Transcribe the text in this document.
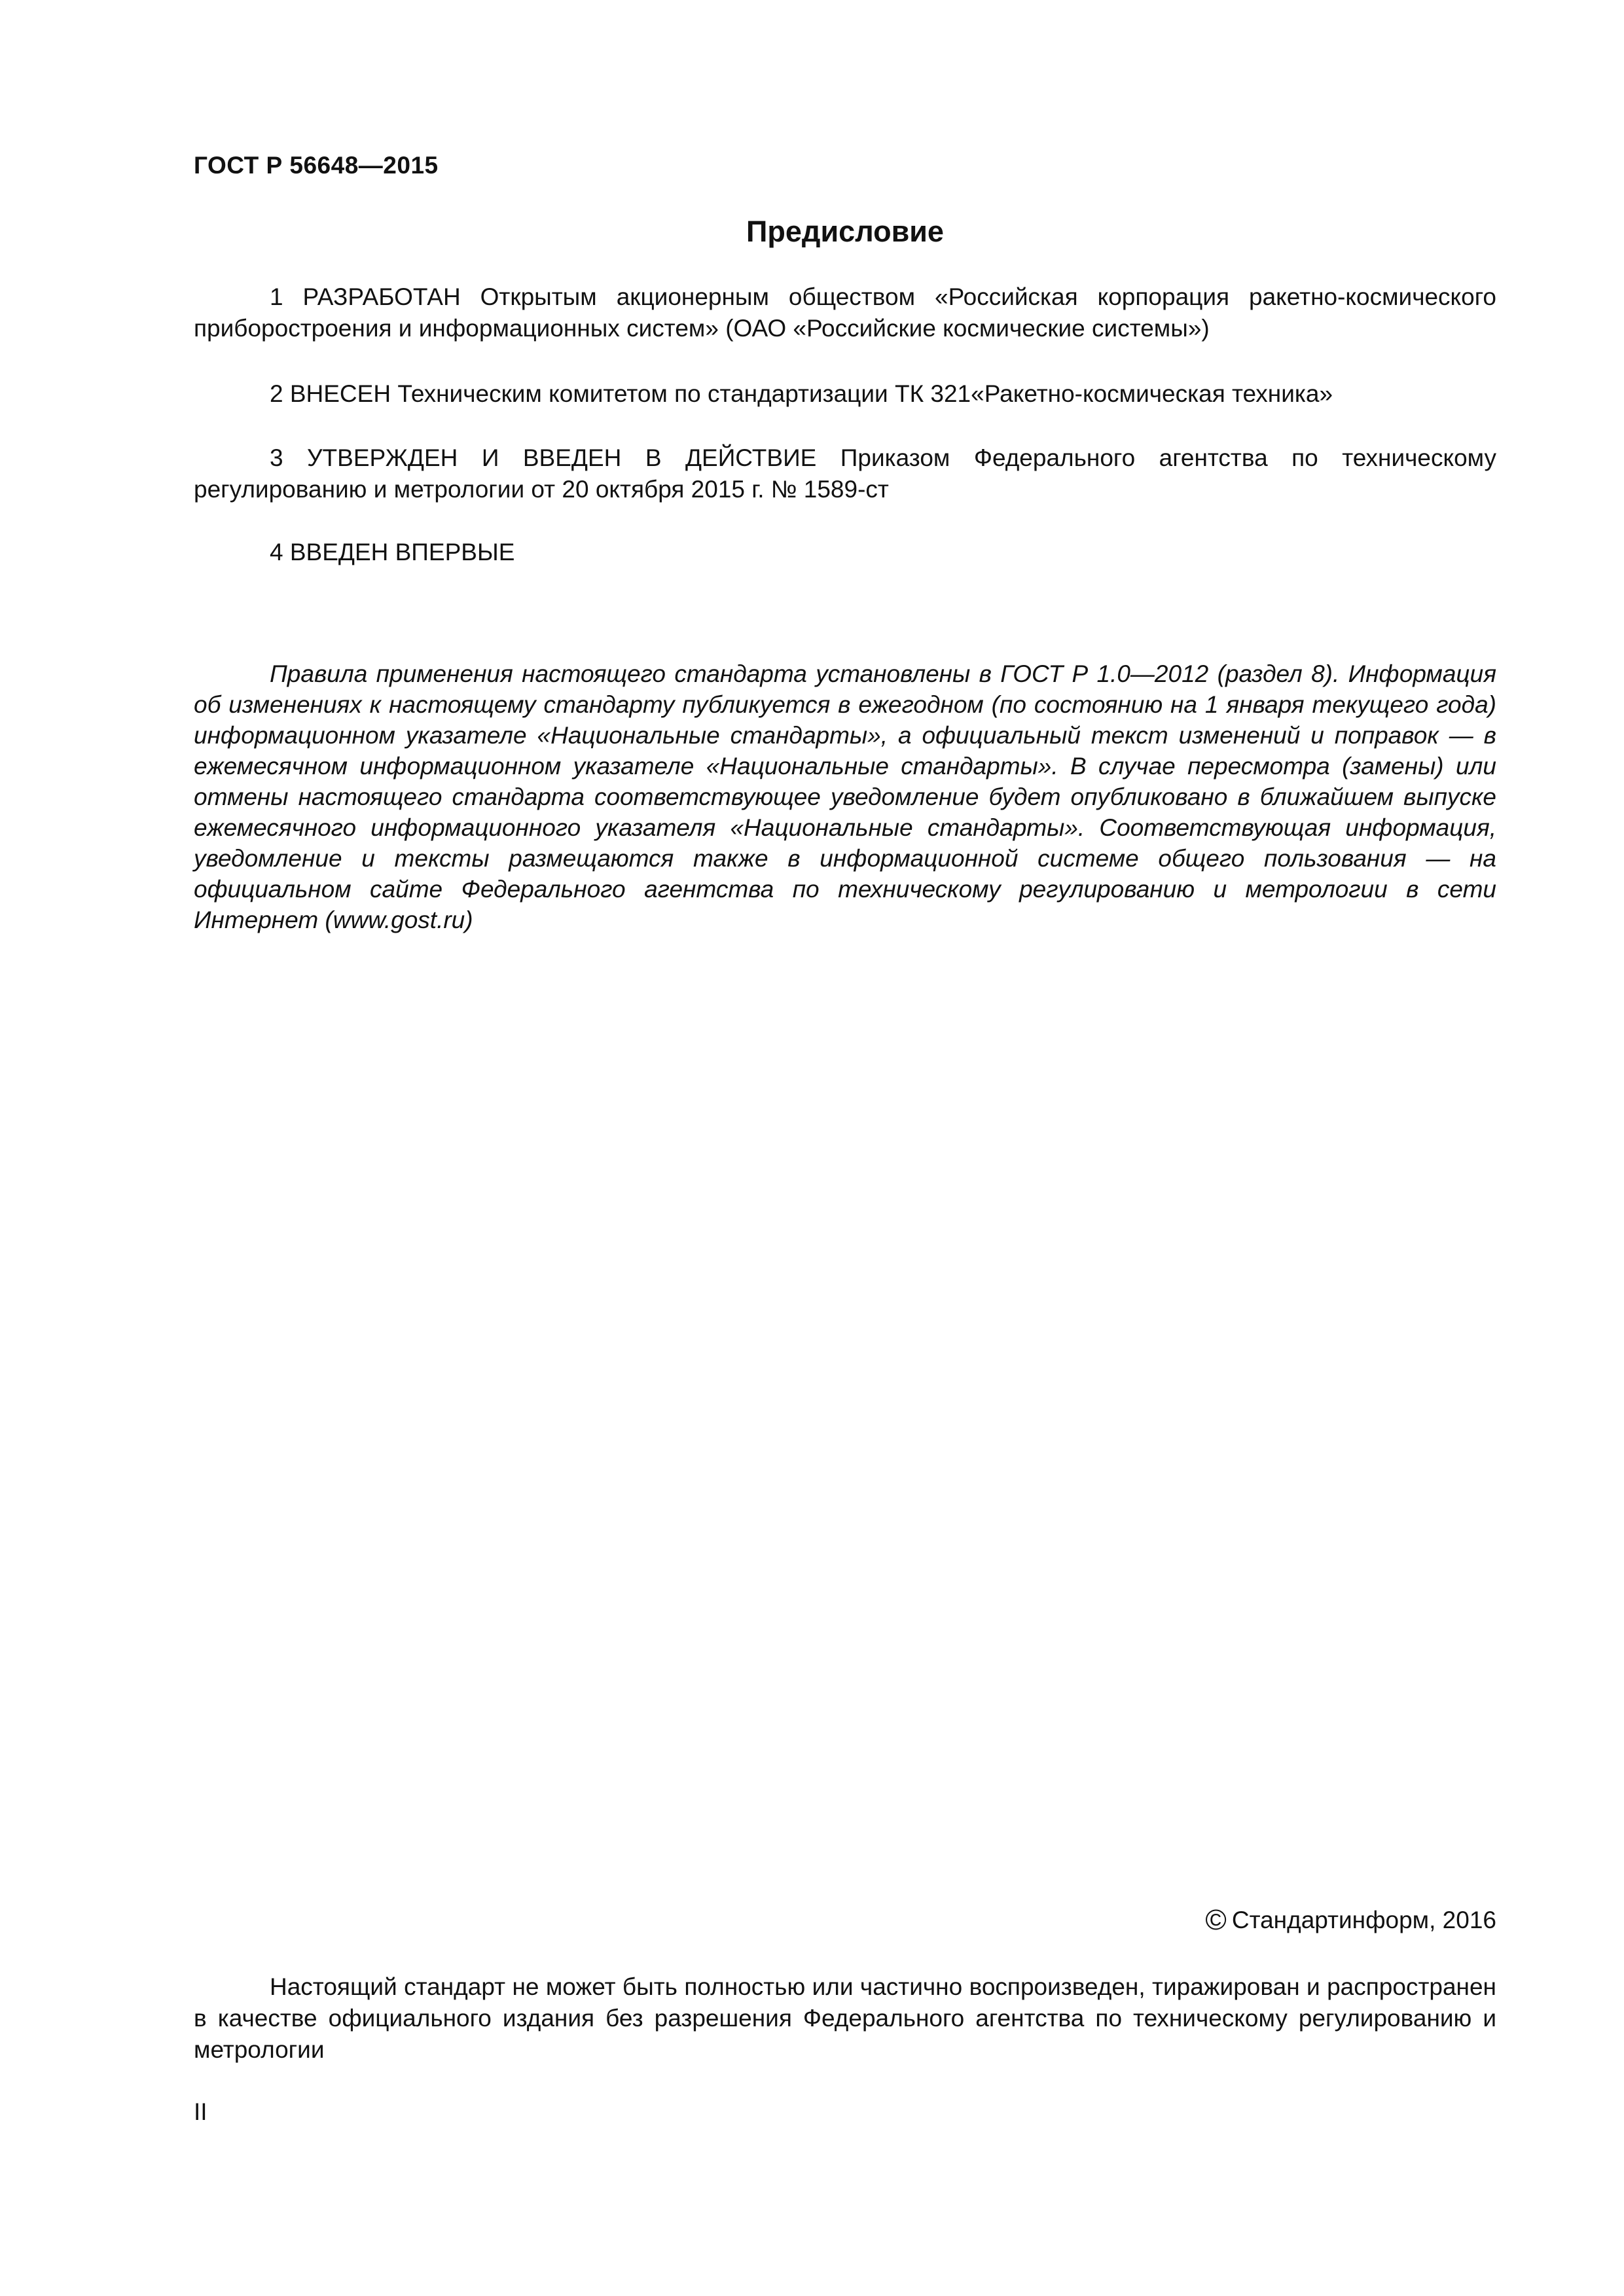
ГОСТ Р 56648—2015
Предисловие

1 РАЗРАБОТАН Открытым акционерным обществом «Российская корпорация ракетно-космического приборостроения и информационных систем» (ОАО «Российские космические системы»)

2 ВНЕСЕН Техническим комитетом по стандартизации ТК 321«Ракетно-космическая техника»

3 УТВЕРЖДЕН И ВВЕДЕН В ДЕЙСТВИЕ Приказом Федерального агентства по техническому регулированию и метрологии от 20 октября 2015 г. № 1589-ст

4 ВВЕДЕН ВПЕРВЫЕ

Правила применения настоящего стандарта установлены в ГОСТ Р 1.0—2012 (раздел 8). Информация об изменениях к настоящему стандарту публикуется в ежегодном (по состоянию на 1 января текущего года) информационном указателе «Национальные стандарты», а официальный текст изменений и поправок — в ежемесячном информационном указателе «Национальные стандарты». В случае пересмотра (замены) или отмены настоящего стандарта соответствующее уведомление будет опубликовано в ближайшем выпуске ежемесячного информационного указателя «Национальные стандарты». Соответствующая информация, уведомление и тексты размещаются также в информационной системе общего пользования — на официальном сайте Федерального агентства по техническому регулированию и метрологии в сети Интернет (www.gost.ru)

© Стандартинформ, 2016

Настоящий стандарт не может быть полностью или частично воспроизведен, тиражирован и распространен в качестве официального издания без разрешения Федерального агентства по техническому регулированию и метрологии

II
